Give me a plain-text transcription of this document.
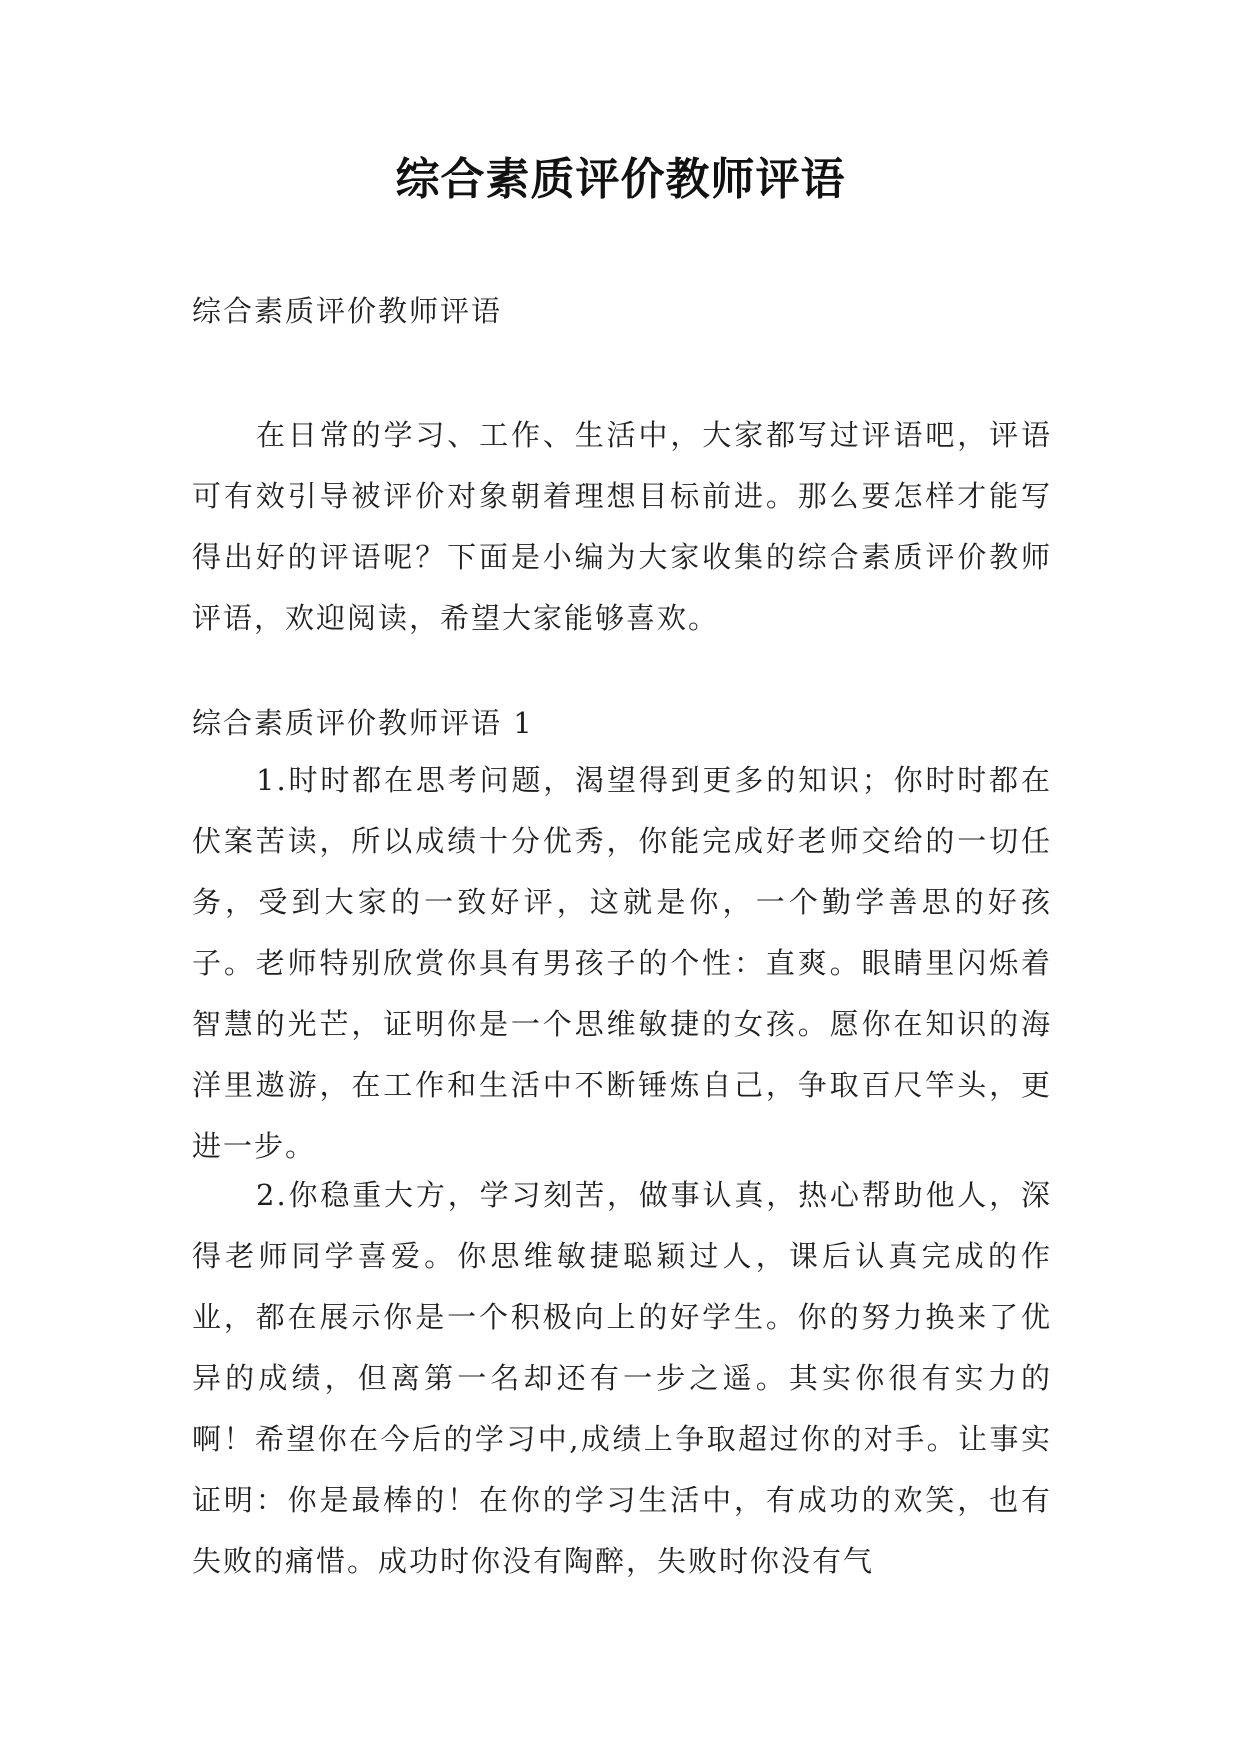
综合素质评价教师评语
综合素质评价教师评语
在日常的学习、工作、生活中，大家都写过评语吧，评语可有效引导被评价对象朝着理想目标前进。那么要怎样才能写得出好的评语呢？下面是小编为大家收集的综合素质评价教师评语，欢迎阅读，希望大家能够喜欢。
综合素质评价教师评语 1
1.时时都在思考问题，渴望得到更多的知识；你时时都在伏案苦读，所以成绩十分优秀，你能完成好老师交给的一切任务，受到大家的一致好评，这就是你，一个勤学善思的好孩子。老师特别欣赏你具有男孩子的个性：直爽。眼睛里闪烁着智慧的光芒，证明你是一个思维敏捷的女孩。愿你在知识的海洋里遨游，在工作和生活中不断锤炼自己，争取百尺竿头，更进一步。
2.你稳重大方，学习刻苦，做事认真，热心帮助他人，深得老师同学喜爱。你思维敏捷聪颖过人，课后认真完成的作业，都在展示你是一个积极向上的好学生。你的努力换来了优异的成绩，但离第一名却还有一步之遥。其实你很有实力的啊！希望你在今后的学习中,成绩上争取超过你的对手。让事实证明：你是最棒的！在你的学习生活中，有成功的欢笑，也有失败的痛惜。成功时你没有陶醉，失败时你没有气
